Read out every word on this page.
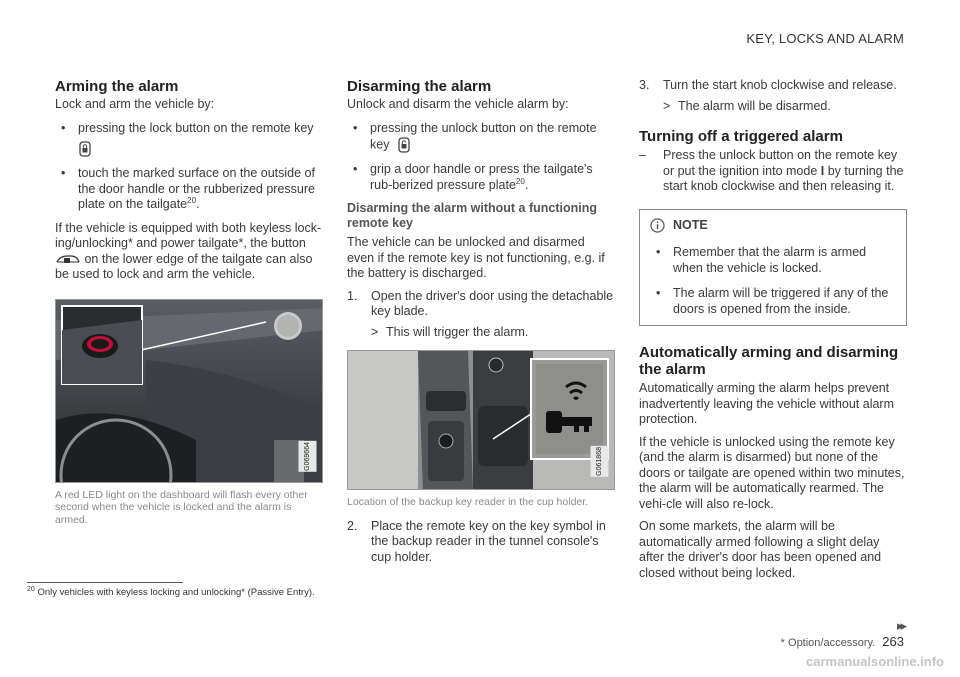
KEY, LOCKS AND ALARM
Arming the alarm

Lock and arm the vehicle by:

• pressing the lock button on the remote key
• touch the marked surface on the outside of the door handle or the rubberized pressure plate on the tailgate$^{20}$.

If the vehicle is equipped with both keyless lock-ing/unlocking* and power tailgate*, the button

on the lower edge of the tailgate can also be used to lock and arm the vehicle.

G069664

A red LED light on the dashboard will flash every other second when the vehicle is locked and the alarm is armed.

Disarming the alarm

Unlock and disarm the vehicle alarm by:

• pressing the unlock button on the remote key
• grip a door handle or press the tailgate's rub-berized pressure plate$^{20}$.
Disarming the alarm without a functioning remote key

The vehicle can be unlocked and disarmed even if the remote key is not functioning, e.g. if the battery is discharged.

1. Open the driver's door using the detachable key blade.
> This will trigger the alarm.
G061868

Location of the backup key reader in the cup holder.

2. Place the remote key on the key symbol in the backup reader in the tunnel console's cup holder.
3. Turn the start knob clockwise and release.
> The alarm will be disarmed.
Turning off a triggered alarm
– Press the unlock button on the remote key or put the ignition into mode I by turning the start knob clockwise and then releasing it.
NOTE
• Remember that the alarm is armed when the vehicle is locked.
• The alarm will be triggered if any of the doors is opened from the inside.
Automatically arming and disarming the alarm

Automatically arming the alarm helps prevent inadvertently leaving the vehicle without alarm protection.

If the vehicle is unlocked using the remote key (and the alarm is disarmed) but none of the doors or tailgate are opened within two minutes, the alarm will be automatically rearmed. The vehi-cle will also re-lock.

On some markets, the alarm will be automatically armed following a slight delay after the driver's door has been opened and closed without being locked.

$^{20}$ Only vehicles with keyless locking and unlocking* (Passive Entry).
▸▸
* Option/accessory. 263
carmanualsonline.info
